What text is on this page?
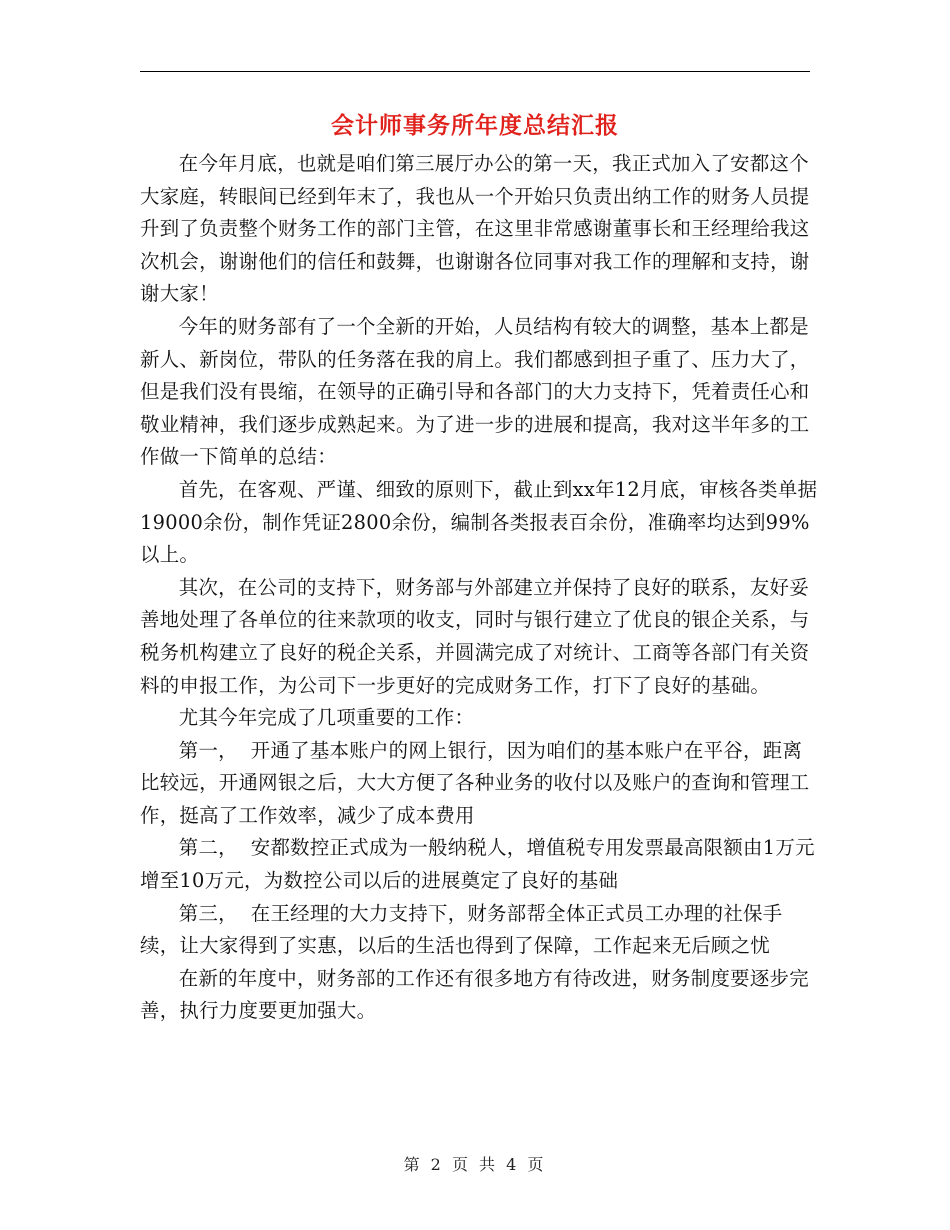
会计师事务所年度总结汇报

在今年月底，也就是咱们第三展厅办公的第一天，我正式加入了安都这个大家庭，转眼间已经到年末了，我也从一个开始只负责出纳工作的财务人员提升到了负责整个财务工作的部门主管，在这里非常感谢董事长和王经理给我这次机会，谢谢他们的信任和鼓舞，也谢谢各位同事对我工作的理解和支持，谢谢大家！

今年的财务部有了一个全新的开始，人员结构有较大的调整，基本上都是新人、新岗位，带队的任务落在我的肩上。我们都感到担子重了、压力大了，但是我们没有畏缩，在领导的正确引导和各部门的大力支持下，凭着责任心和敬业精神，我们逐步成熟起来。为了进一步的进展和提高，我对这半年多的工作做一下简单的总结：

首先，在客观、严谨、细致的原则下，截止到xx年12月底，审核各类单据19000余份，制作凭证2800余份，编制各类报表百余份，准确率均达到99%以上。

其次，在公司的支持下，财务部与外部建立并保持了良好的联系，友好妥善地处理了各单位的往来款项的收支，同时与银行建立了优良的银企关系，与税务机构建立了良好的税企关系，并圆满完成了对统计、工商等各部门有关资料的申报工作，为公司下一步更好的完成财务工作，打下了良好的基础。

尤其今年完成了几项重要的工作：

第一，  开通了基本账户的网上银行，因为咱们的基本账户在平谷，距离比较远，开通网银之后，大大方便了各种业务的收付以及账户的查询和管理工作，挺高了工作效率，减少了成本费用

第二，  安都数控正式成为一般纳税人，增值税专用发票最高限额由1万元增至10万元，为数控公司以后的进展奠定了良好的基础

第三，  在王经理的大力支持下，财务部帮全体正式员工办理的社保手续，让大家得到了实惠，以后的生活也得到了保障，工作起来无后顾之忧

在新的年度中，财务部的工作还有很多地方有待改进，财务制度要逐步完善，执行力度要更加强大。

第 2 页 共 4 页
